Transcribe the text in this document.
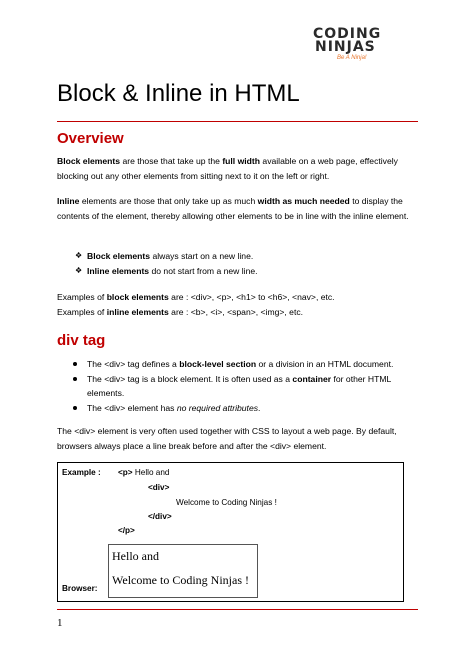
CODING
NINJAS
Be A Ninja!
Block & Inline in HTML
Overview

Block elements are those that take up the full width available on a web page, effectively blocking out any other elements from sitting next to it on the left or right.

Inline elements are those that only take up as much width as much needed to display the contents of the element, thereby allowing other elements to be in line with the inline element.

❖ Block elements always start on a new line.
❖ Inline elements do not start from a new line.

Examples of block elements are : <div>, <p>, <h1> to <h6>, <nav>, etc.
Examples of inline elements are : <b>, <i>, <span>, <img>, etc.

div tag
The <div> tag defines a block-level section or a division in an HTML document.
The <div> tag is a block element. It is often used as a container for other HTML elements.
The <div> element has no required attributes.

The <div> element is very often used together with CSS to layout a web page. By default, browsers always place a line break before and after the <div> element.

Example : <p> Hello and
<div>
Welcome to Coding Ninjas !
</div>
</p>
Hello and
Welcome to Coding Ninjas !
Browser:
1
